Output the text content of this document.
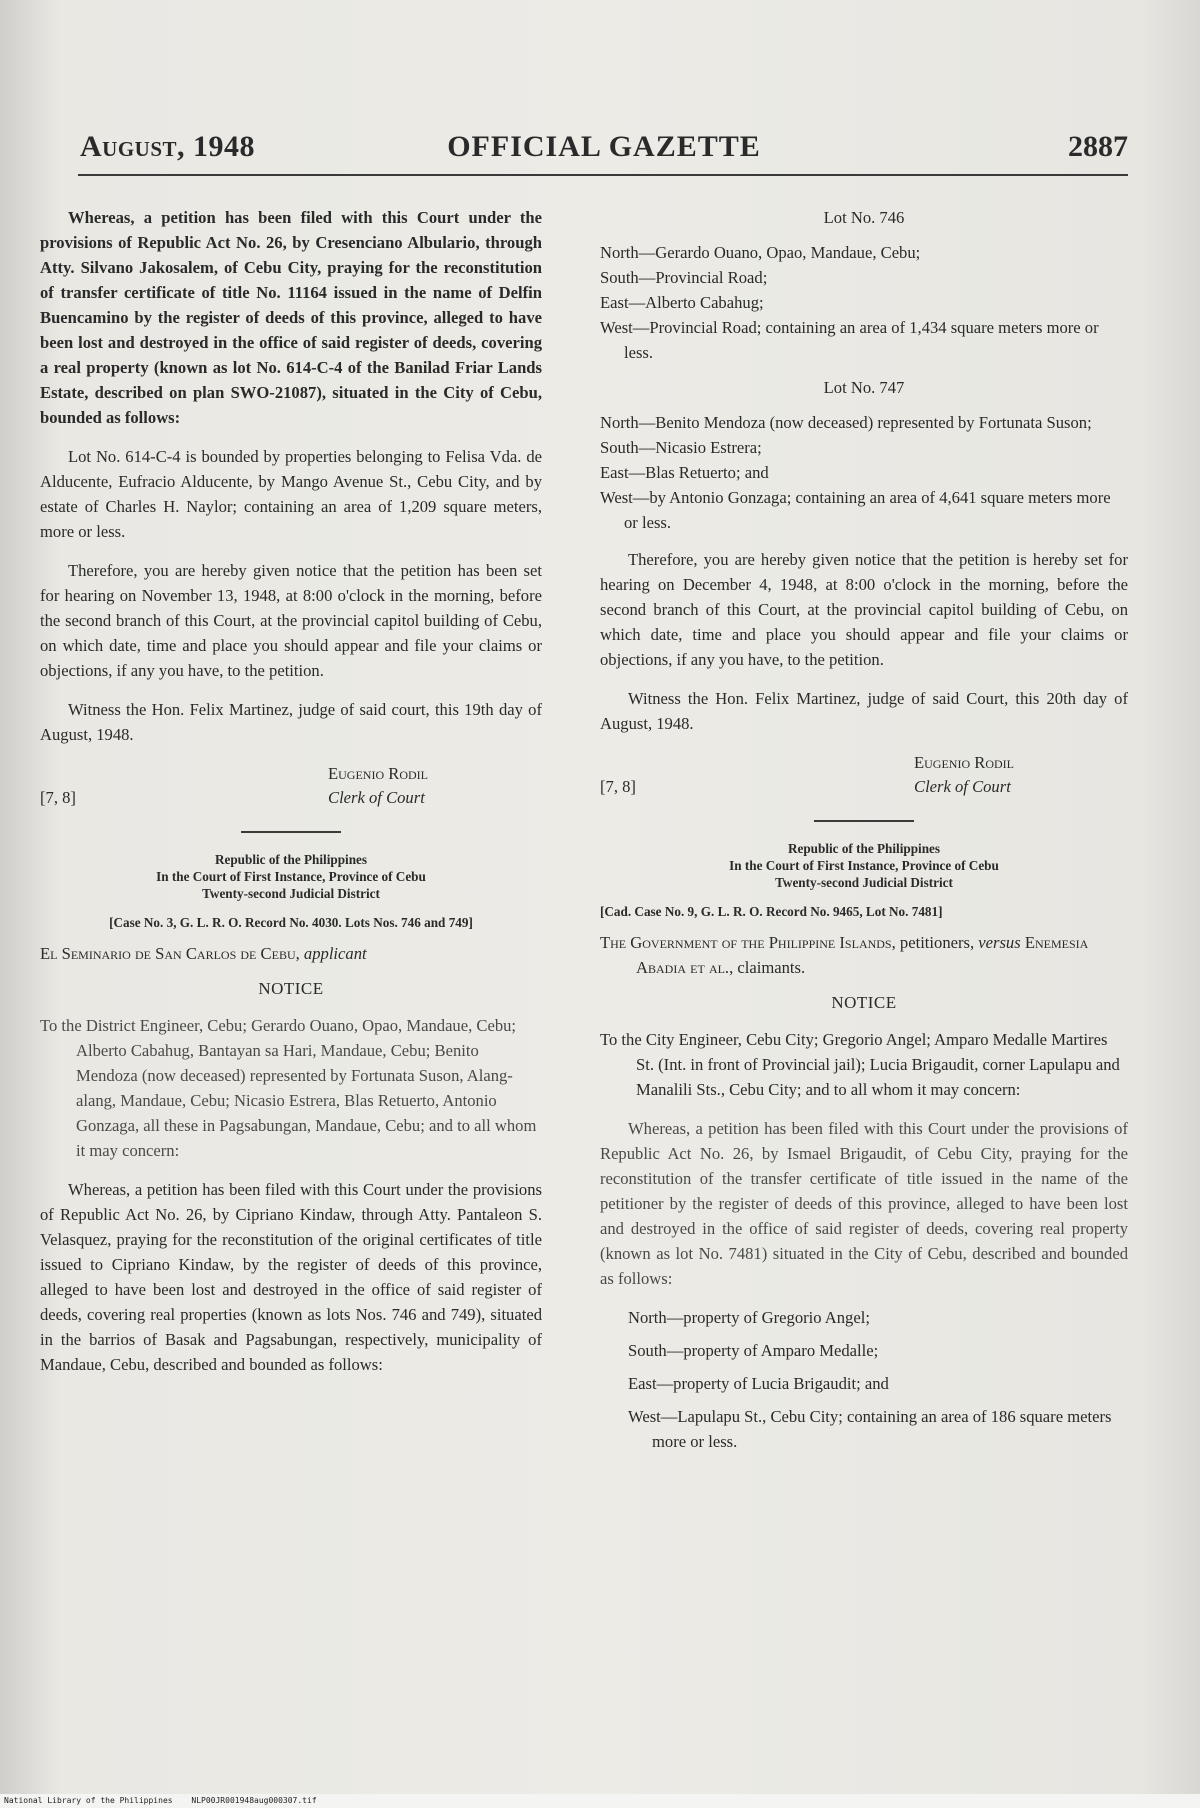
August, 1948	OFFICIAL GAZETTE	2887

Whereas, a petition has been filed with this Court under the provisions of Republic Act No. 26, by Cresenciano Albulario, through Atty. Silvano Jakosalem, of Cebu City, praying for the reconstitution of transfer certificate of title No. 11164 issued in the name of Delfin Buencamino by the register of deeds of this province, alleged to have been lost and destroyed in the office of said register of deeds, covering a real property (known as lot No. 614-C-4 of the Banilad Friar Lands Estate, described on plan SWO-21087), situated in the City of Cebu, bounded as follows:

Lot No. 614-C-4 is bounded by properties belonging to Felisa Vda. de Alducente, Eufracio Alducente, by Mango Avenue St., Cebu City, and by estate of Charles H. Naylor; containing an area of 1,209 square meters, more or less.

Therefore, you are hereby given notice that the petition has been set for hearing on November 13, 1948, at 8:00 o'clock in the morning, before the second branch of this Court, at the provincial capitol building of Cebu, on which date, time and place you should appear and file your claims or objections, if any you have, to the petition.

Witness the Hon. Felix Martinez, judge of said court, this 19th day of August, 1948.

[7, 8]
Eugenio Rodil
Clerk of Court
Republic of the Philippines
In the Court of First Instance, Province of Cebu
Twenty-second Judicial District
[Case No. 3, G. L. R. O. Record No. 4030. Lots Nos. 746 and 749]

El Seminario de San Carlos de Cebu, applicant

NOTICE

To the District Engineer, Cebu; Gerardo Ouano, Opao, Mandaue, Cebu; Alberto Cabahug, Bantayan sa Hari, Mandaue, Cebu; Benito Mendoza (now deceased) represented by Fortunata Suson, Alang-alang, Mandaue, Cebu; Nicasio Estrera, Blas Retuerto, Antonio Gonzaga, all these in Pagsabungan, Mandaue, Cebu; and to all whom it may concern:

Whereas, a petition has been filed with this Court under the provisions of Republic Act No. 26, by Cipriano Kindaw, through Atty. Pantaleon S. Velasquez, praying for the reconstitution of the original certificates of title issued to Cipriano Kindaw, by the register of deeds of this province, alleged to have been lost and destroyed in the office of said register of deeds, covering real properties (known as lots Nos. 746 and 749), situated in the barrios of Basak and Pagsabungan, respectively, municipality of Mandaue, Cebu, described and bounded as follows:

Lot No. 746

North—Gerardo Ouano, Opao, Mandaue, Cebu;

South—Provincial Road;

East—Alberto Cabahug;

West—Provincial Road; containing an area of 1,434 square meters more or less.

Lot No. 747

North—Benito Mendoza (now deceased) represented by Fortunata Suson;

South—Nicasio Estrera;

East—Blas Retuerto; and

West—by Antonio Gonzaga; containing an area of 4,641 square meters more or less.

Therefore, you are hereby given notice that the petition is hereby set for hearing on December 4, 1948, at 8:00 o'clock in the morning, before the second branch of this Court, at the provincial capitol building of Cebu, on which date, time and place you should appear and file your claims or objections, if any you have, to the petition.

Witness the Hon. Felix Martinez, judge of said Court, this 20th day of August, 1948.

[7, 8]
Eugenio Rodil
Clerk of Court
Republic of the Philippines
In the Court of First Instance, Province of Cebu
Twenty-second Judicial District
[Cad. Case No. 9, G. L. R. O. Record No. 9465, Lot No. 7481]

The Government of the Philippine Islands, petitioners, versus Enemesia Abadia et al., claimants.

NOTICE

To the City Engineer, Cebu City; Gregorio Angel; Amparo Medalle Martires St. (Int. in front of Provincial jail); Lucia Brigaudit, corner Lapulapu and Manalili Sts., Cebu City; and to all whom it may concern:

Whereas, a petition has been filed with this Court under the provisions of Republic Act No. 26, by Ismael Brigaudit, of Cebu City, praying for the reconstitution of the transfer certificate of title issued in the name of the petitioner by the register of deeds of this province, alleged to have been lost and destroyed in the office of said register of deeds, covering real property (known as lot No. 7481) situated in the City of Cebu, described and bounded as follows:

North—property of Gregorio Angel;

South—property of Amparo Medalle;

East—property of Lucia Brigaudit; and

West—Lapulapu St., Cebu City; containing an area of 186 square meters more or less.

National Library of the Philippines NLP00JR001948aug000307.tif
